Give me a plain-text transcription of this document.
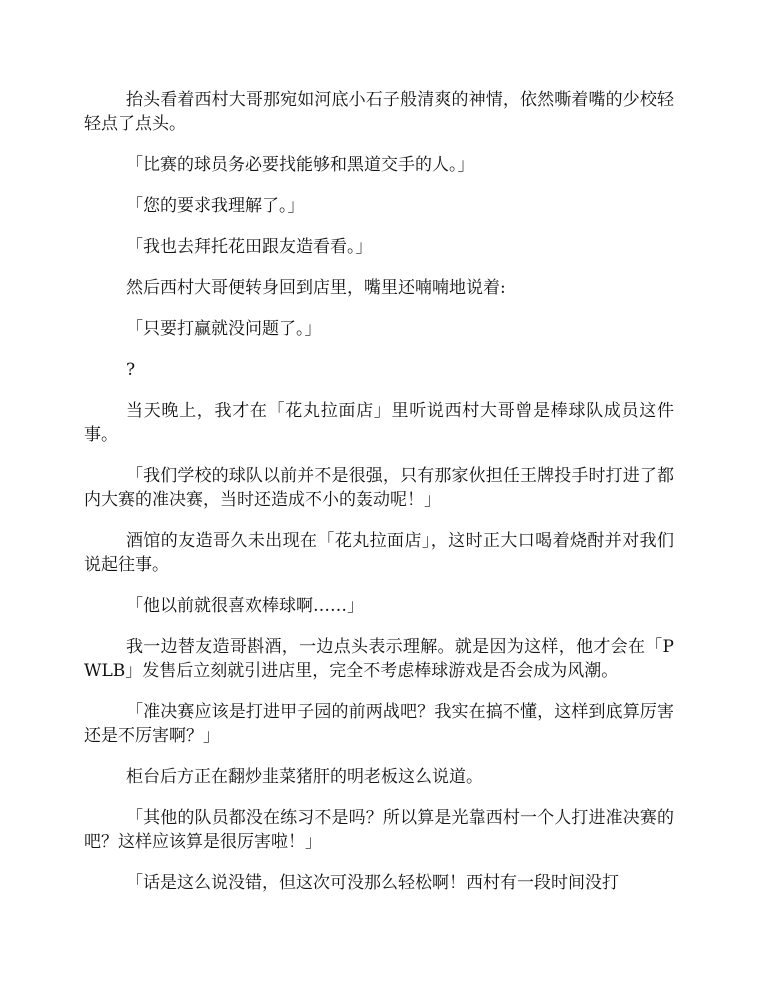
抬头看着西村大哥那宛如河底小石子般清爽的神情，依然嘶着嘴的少校轻轻点了点头。

「比赛的球员务必要找能够和黑道交手的人。」

「您的要求我理解了。」

「我也去拜托花田跟友造看看。」

然后西村大哥便转身回到店里，嘴里还喃喃地说着:

「只要打赢就没问题了。」

?

当天晚上，我才在「花丸拉面店」里听说西村大哥曾是棒球队成员这件事。

「我们学校的球队以前并不是很强，只有那家伙担任王牌投手时打进了都内大赛的准决赛，当时还造成不小的轰动呢！」

酒馆的友造哥久未出现在「花丸拉面店」，这时正大口喝着烧酎并对我们说起往事。

「他以前就很喜欢棒球啊……」

我一边替友造哥斟酒，一边点头表示理解。就是因为这样，他才会在「PWLB」发售后立刻就引进店里，完全不考虑棒球游戏是否会成为风潮。

「准决赛应该是打进甲子园的前两战吧？我实在搞不懂，这样到底算厉害还是不厉害啊？」

柜台后方正在翻炒韭菜猪肝的明老板这么说道。

「其他的队员都没在练习不是吗？所以算是光靠西村一个人打进准决赛的吧？这样应该算是很厉害啦！」

「话是这么说没错，但这次可没那么轻松啊！西村有一段时间没打
